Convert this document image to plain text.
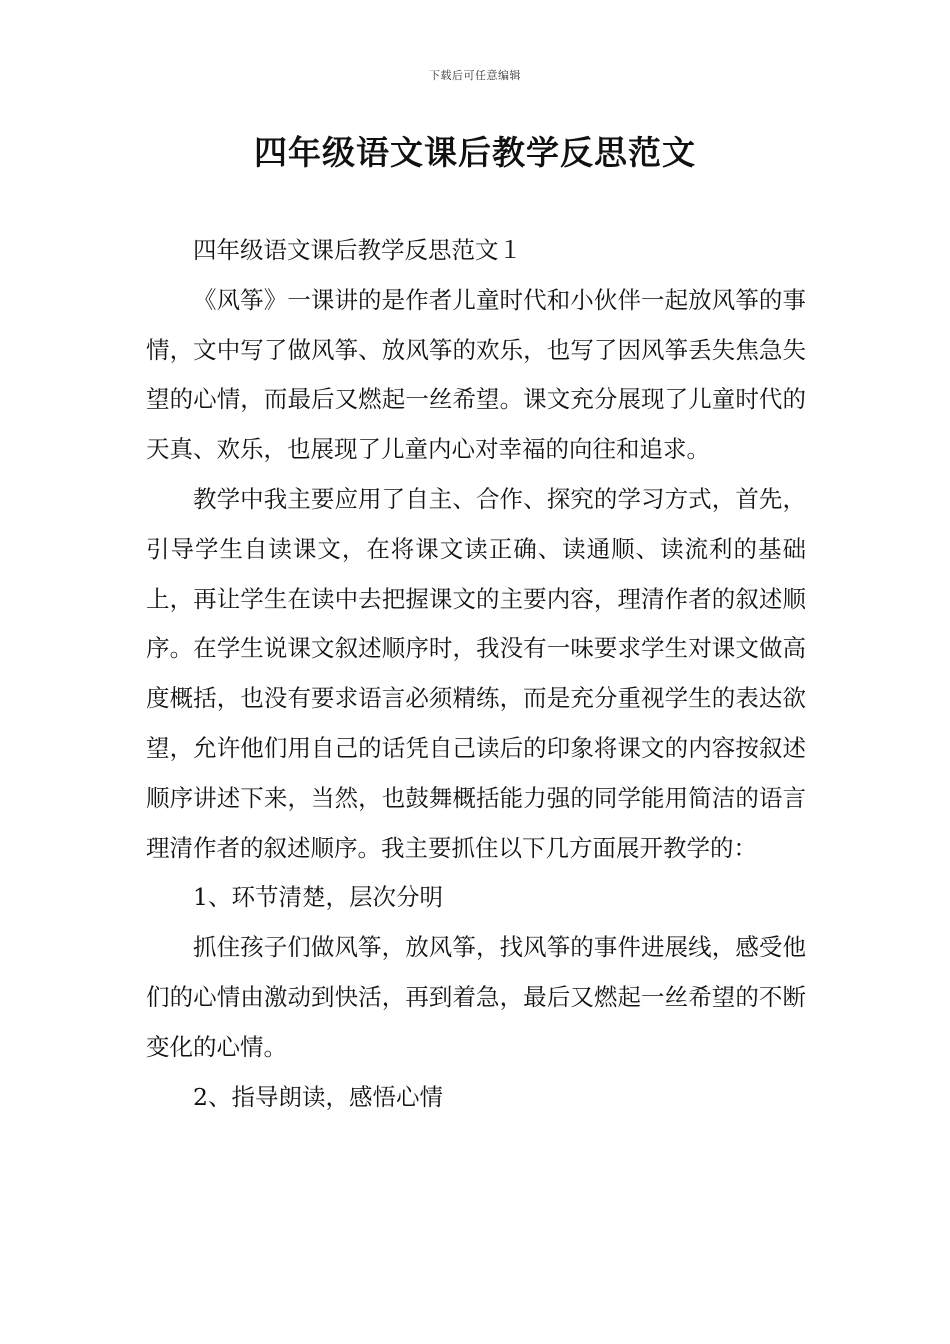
下载后可任意编辑
四年级语文课后教学反思范文

四年级语文课后教学反思范文１

《风筝》一课讲的是作者儿童时代和小伙伴一起放风筝的事情，文中写了做风筝、放风筝的欢乐，也写了因风筝丢失焦急失望的心情，而最后又燃起一丝希望。课文充分展现了儿童时代的天真、欢乐，也展现了儿童内心对幸福的向往和追求。

教学中我主要应用了自主、合作、探究的学习方式，首先，引导学生自读课文，在将课文读正确、读通顺、读流利的基础上，再让学生在读中去把握课文的主要内容，理清作者的叙述顺序。在学生说课文叙述顺序时，我没有一味要求学生对课文做高度概括，也没有要求语言必须精练，而是充分重视学生的表达欲望，允许他们用自己的话凭自己读后的印象将课文的内容按叙述顺序讲述下来，当然，也鼓舞概括能力强的同学能用简洁的语言理清作者的叙述顺序。我主要抓住以下几方面展开教学的：

1、环节清楚，层次分明

抓住孩子们做风筝，放风筝，找风筝的事件进展线，感受他们的心情由激动到快活，再到着急，最后又燃起一丝希望的不断变化的心情。

2、指导朗读，感悟心情
